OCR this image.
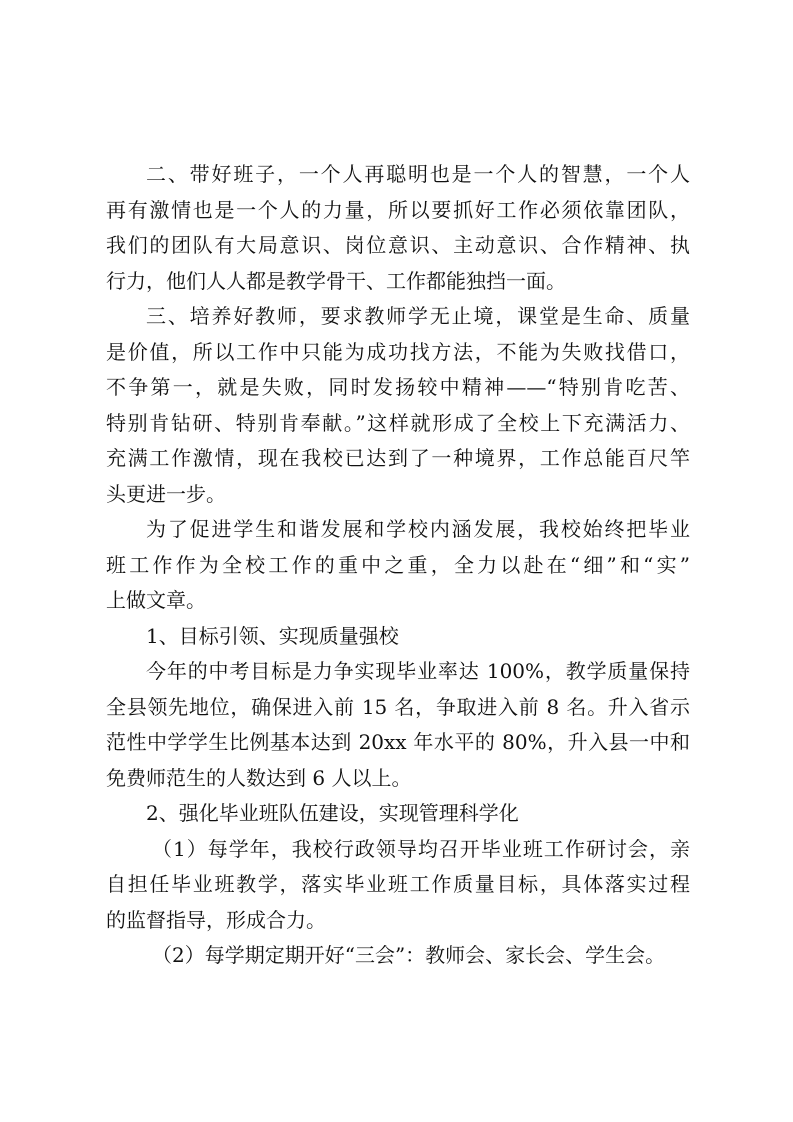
二、带好班子，一个人再聪明也是一个人的智慧，一个人
再有激情也是一个人的力量，所以要抓好工作必须依靠团队，
我们的团队有大局意识、岗位意识、主动意识、合作精神、执
行力，他们人人都是教学骨干、工作都能独挡一面。
三、培养好教师，要求教师学无止境，课堂是生命、质量
是价值，所以工作中只能为成功找方法，不能为失败找借口，
不争第一，就是失败，同时发扬较中精神——“特别肯吃苦、
特别肯钻研、特别肯奉献。”这样就形成了全校上下充满活力、
充满工作激情，现在我校已达到了一种境界，工作总能百尺竿
头更进一步。
为了促进学生和谐发展和学校内涵发展，我校始终把毕业
班工作作为全校工作的重中之重，全力以赴在“细”和“实”
上做文章。
1、目标引领、实现质量强校
今年的中考目标是力争实现毕业率达 100%，教学质量保持
全县领先地位，确保进入前 15 名，争取进入前 8 名。升入省示
范性中学学生比例基本达到 20xx 年水平的 80%，升入县一中和
免费师范生的人数达到 6 人以上。
2、强化毕业班队伍建设，实现管理科学化
（1）每学年，我校行政领导均召开毕业班工作研讨会，亲
自担任毕业班教学，落实毕业班工作质量目标，具体落实过程
的监督指导，形成合力。
（2）每学期定期开好“三会”：教师会、家长会、学生会。
